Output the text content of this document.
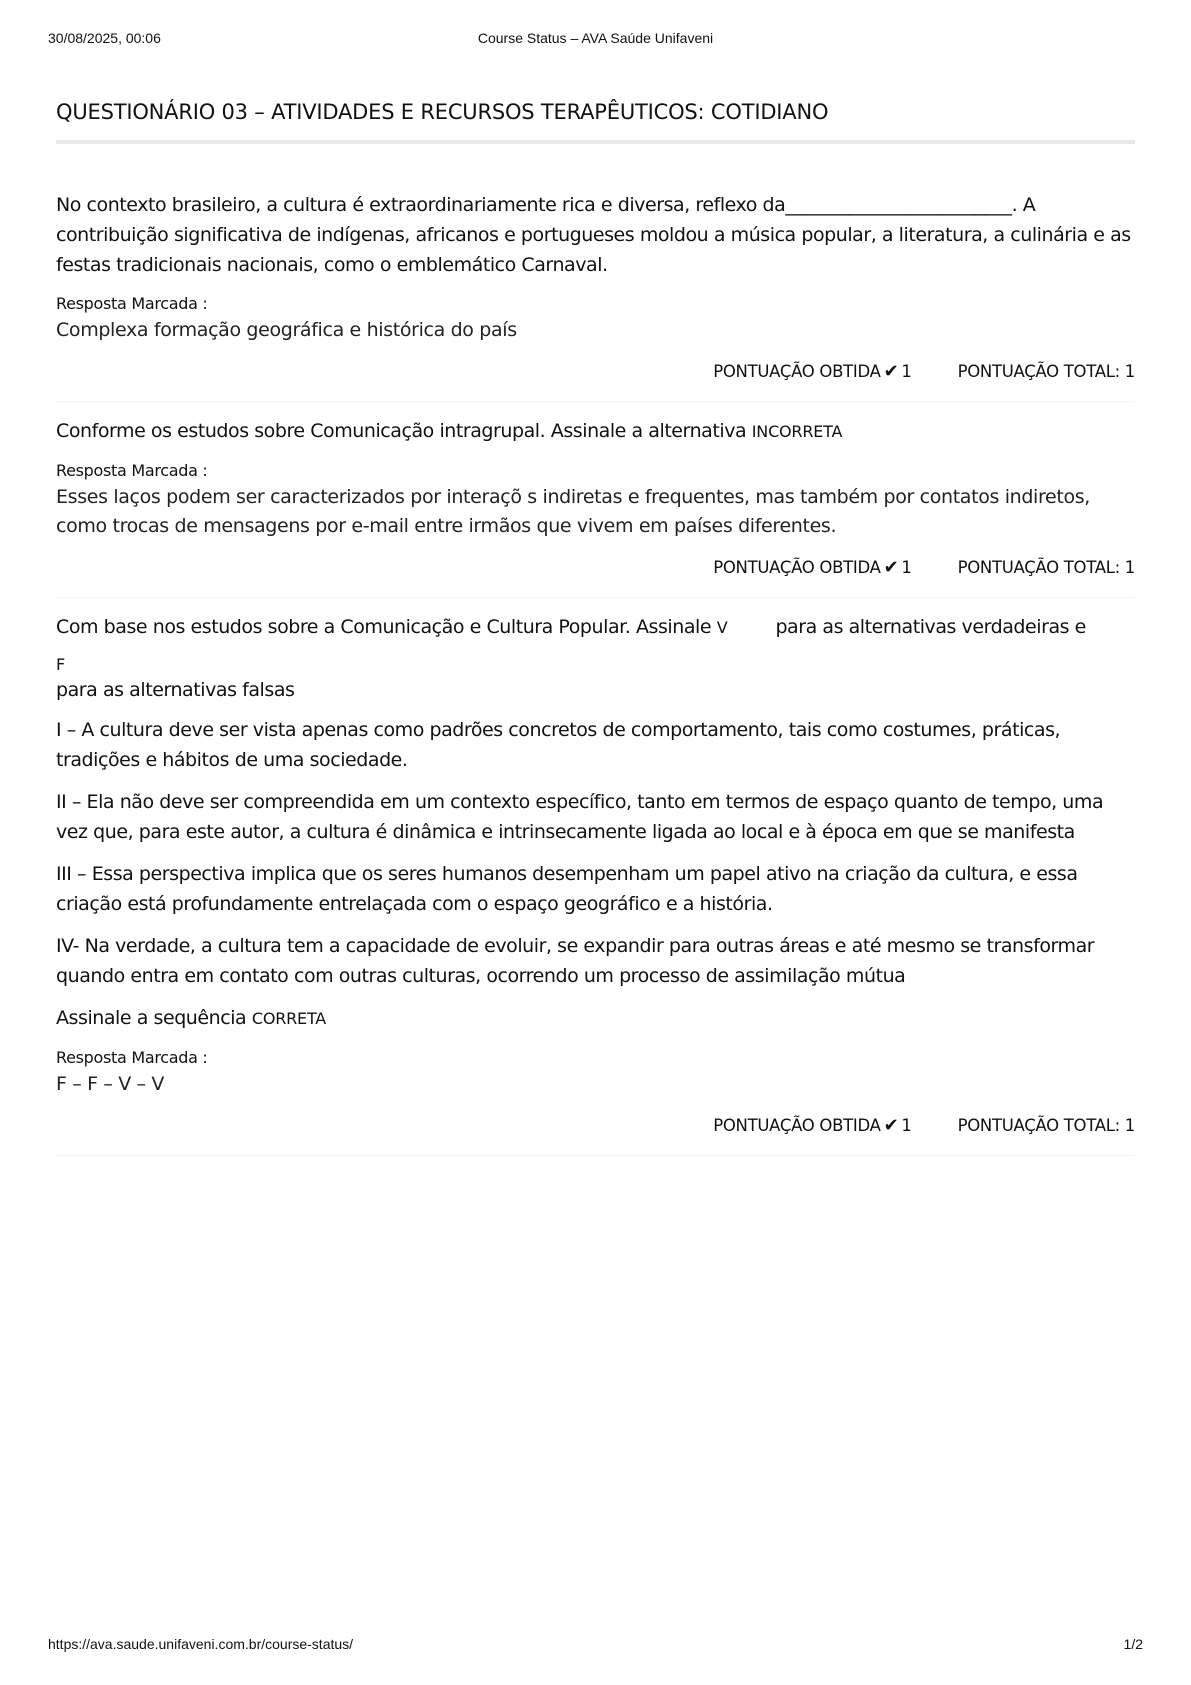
30/08/2025, 00:06	Course Status – AVA Saúde Unifaveni
QUESTIONÁRIO 03 – ATIVIDADES E RECURSOS TERAPÊUTICOS: COTIDIANO

No contexto brasileiro, a cultura é extraordinariamente rica e diversa, reflexo da_________________________. A contribuição significativa de indígenas, africanos e portugueses moldou a música popular, a literatura, a culinária e as festas tradicionais nacionais, como o emblemático Carnaval.

Resposta Marcada :
Complexa formação geográfica e histórica do país
PONTUAÇÃO OBTIDA ✔ 1	PONTUAÇÃO TOTAL: 1

Conforme os estudos sobre Comunicação intragrupal. Assinale a alternativa INCORRETA

Resposta Marcada :
Esses laços podem ser caracterizados por interaçõ s indiretas e frequentes, mas também por contatos indiretos, como trocas de mensagens por e-mail entre irmãos que vivem em países diferentes.
PONTUAÇÃO OBTIDA ✔ 1	PONTUAÇÃO TOTAL: 1

Com base nos estudos sobre a Comunicação e Cultura Popular. Assinale V	para as alternativas verdadeiras e

F

para as alternativas falsas

I – A cultura deve ser vista apenas como padrões concretos de comportamento, tais como costumes, práticas, tradições e hábitos de uma sociedade.

II – Ela não deve ser compreendida em um contexto específico, tanto em termos de espaço quanto de tempo, uma vez que, para este autor, a cultura é dinâmica e intrinsecamente ligada ao local e à época em que se manifesta

III – Essa perspectiva implica que os seres humanos desempenham um papel ativo na criação da cultura, e essa criação está profundamente entrelaçada com o espaço geográfico e a história.

IV- Na verdade, a cultura tem a capacidade de evoluir, se expandir para outras áreas e até mesmo se transformar quando entra em contato com outras culturas, ocorrendo um processo de assimilação mútua

Assinale a sequência CORRETA

Resposta Marcada :
F – F – V – V
PONTUAÇÃO OBTIDA ✔ 1	PONTUAÇÃO TOTAL: 1
https://ava.saude.unifaveni.com.br/course-status/	1/2
